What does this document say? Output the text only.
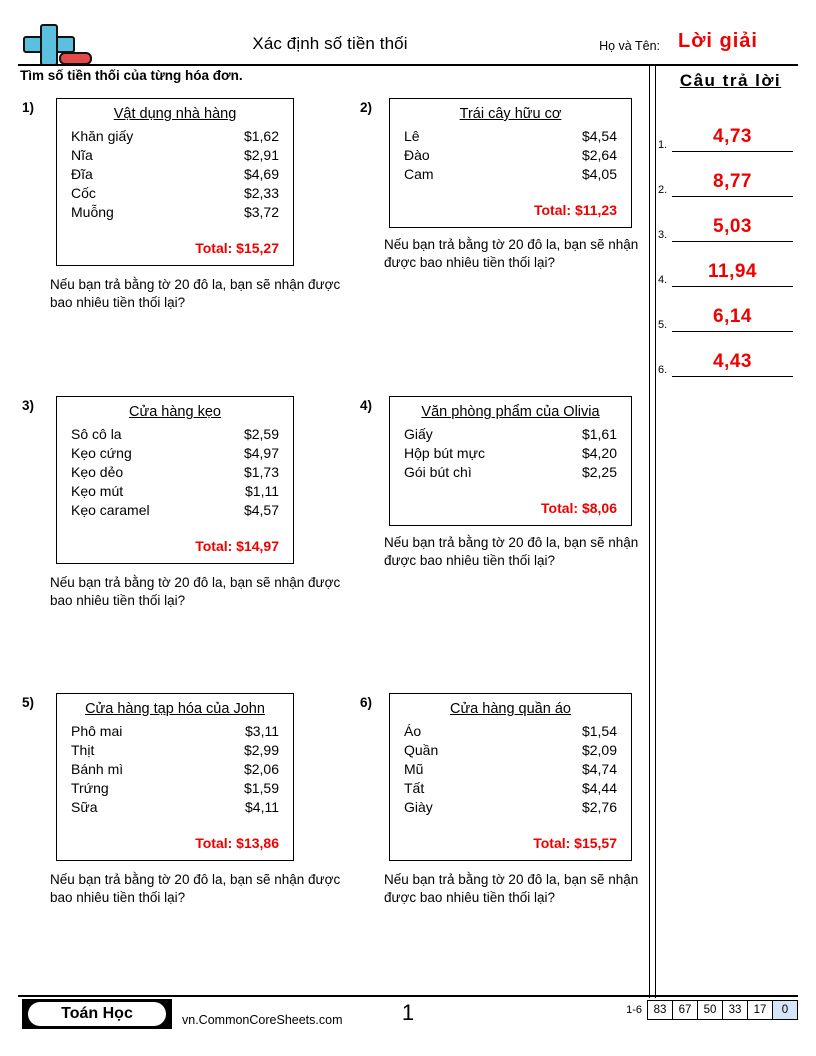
Xác định số tiền thối	Họ và Tên: Lời giải
Tìm số tiền thối của từng hóa đơn.	Câu trả lời
1.	4,73
2.	8,77
3.	5,03
4.	11,94
5.	6,14
6.	4,43
1)	Vật dụng nhà hàng
Khăn giấy	$1,62
Nĩa	$2,91
Đĩa	$4,69
Cốc	$2,33
Muỗng	$3,72
Total: $15,27
Nếu bạn trả bằng tờ 20 đô la, bạn sẽ nhận được bao nhiêu tiền thối lại?
2)	Trái cây hữu cơ
Lê	$4,54
Đào	$2,64
Cam	$4,05
Total: $11,23
Nếu bạn trả bằng tờ 20 đô la, bạn sẽ nhận được bao nhiêu tiền thối lại?
3)	Cửa hàng kẹo
Sô cô la	$2,59
Kẹo cứng	$4,97
Kẹo dẻo	$1,73
Kẹo mút	$1,11
Kẹo caramel	$4,57
Total: $14,97
Nếu bạn trả bằng tờ 20 đô la, bạn sẽ nhận được bao nhiêu tiền thối lại?
4)	Văn phòng phẩm của Olivia
Giấy	$1,61
Hộp bút mực	$4,20
Gói bút chì	$2,25
Total: $8,06
Nếu bạn trả bằng tờ 20 đô la, bạn sẽ nhận được bao nhiêu tiền thối lại?
5)	Cửa hàng tạp hóa của John
Phô mai	$3,11
Thịt	$2,99
Bánh mì	$2,06
Trứng	$1,59
Sữa	$4,11
Total: $13,86
Nếu bạn trả bằng tờ 20 đô la, bạn sẽ nhận được bao nhiêu tiền thối lại?
6)	Cửa hàng quần áo
Áo	$1,54
Quần	$2,09
Mũ	$4,74
Tất	$4,44
Giày	$2,76
Total: $15,57
Nếu bạn trả bằng tờ 20 đô la, bạn sẽ nhận được bao nhiêu tiền thối lại?
Toán Học	vn.CommonCoreSheets.com	1	1-6	83	67	50	33	17	0
